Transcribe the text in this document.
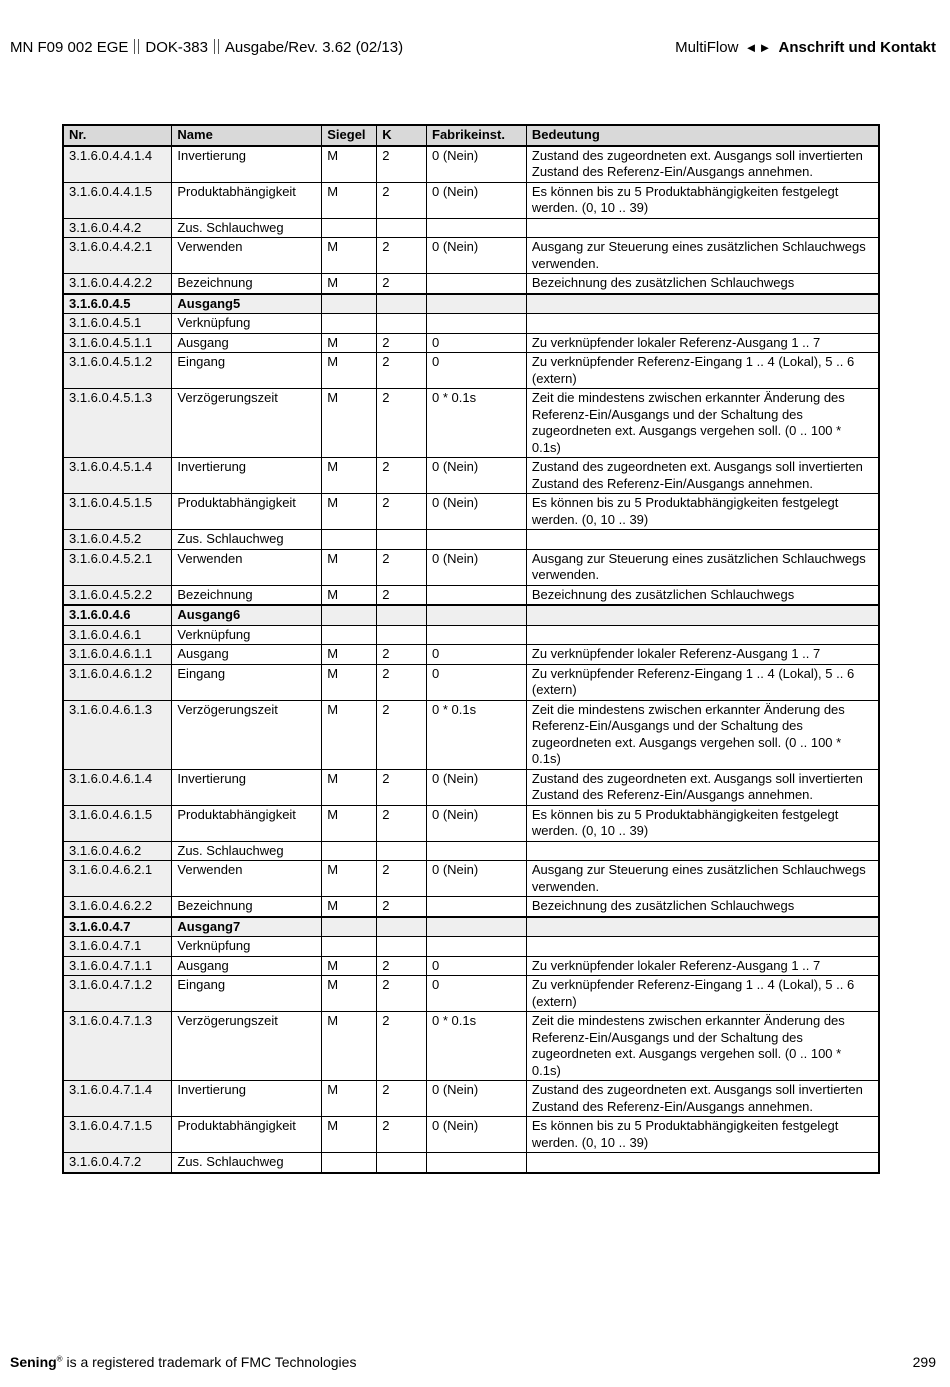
MN F09 002 EGE DOK-383 Ausgabe/Rev. 3.62 (02/13)	MultiFlow ◄► Anschrift und Kontakt
Nr.	Name	Siegel	K	Fabrikeinst.	Bedeutung
3.1.6.0.4.4.1.4	Invertierung	M	2	0 (Nein)	Zustand des zugeordneten ext. Ausgangs soll invertierten Zustand des Referenz-Ein/Ausgangs annehmen.
3.1.6.0.4.4.1.5	Produktabhängigkeit	M	2	0 (Nein)	Es können bis zu 5 Produktabhängigkeiten festgelegt werden. (0, 10 .. 39)
3.1.6.0.4.4.2	Zus. Schlauchweg				
3.1.6.0.4.4.2.1	Verwenden	M	2	0 (Nein)	Ausgang zur Steuerung eines zusätzlichen Schlauchwegs verwenden.
3.1.6.0.4.4.2.2	Bezeichnung	M	2		Bezeichnung des zusätzlichen Schlauchwegs
3.1.6.0.4.5	Ausgang5				
3.1.6.0.4.5.1	Verknüpfung				
3.1.6.0.4.5.1.1	Ausgang	M	2	0	Zu verknüpfender lokaler Referenz-Ausgang 1 .. 7
3.1.6.0.4.5.1.2	Eingang	M	2	0	Zu verknüpfender Referenz-Eingang 1 .. 4 (Lokal), 5 .. 6 (extern)
3.1.6.0.4.5.1.3	Verzögerungszeit	M	2	0 * 0.1s	Zeit die mindestens zwischen erkannter Änderung des Referenz-Ein/Ausgangs und der Schaltung des zugeordneten ext. Ausgangs vergehen soll. (0 .. 100 * 0.1s)
3.1.6.0.4.5.1.4	Invertierung	M	2	0 (Nein)	Zustand des zugeordneten ext. Ausgangs soll invertierten Zustand des Referenz-Ein/Ausgangs annehmen.
3.1.6.0.4.5.1.5	Produktabhängigkeit	M	2	0 (Nein)	Es können bis zu 5 Produktabhängigkeiten festgelegt werden. (0, 10 .. 39)
3.1.6.0.4.5.2	Zus. Schlauchweg				
3.1.6.0.4.5.2.1	Verwenden	M	2	0 (Nein)	Ausgang zur Steuerung eines zusätzlichen Schlauchwegs verwenden.
3.1.6.0.4.5.2.2	Bezeichnung	M	2		Bezeichnung des zusätzlichen Schlauchwegs
3.1.6.0.4.6	Ausgang6				
3.1.6.0.4.6.1	Verknüpfung				
3.1.6.0.4.6.1.1	Ausgang	M	2	0	Zu verknüpfender lokaler Referenz-Ausgang 1 .. 7
3.1.6.0.4.6.1.2	Eingang	M	2	0	Zu verknüpfender Referenz-Eingang 1 .. 4 (Lokal), 5 .. 6 (extern)
3.1.6.0.4.6.1.3	Verzögerungszeit	M	2	0 * 0.1s	Zeit die mindestens zwischen erkannter Änderung des Referenz-Ein/Ausgangs und der Schaltung des zugeordneten ext. Ausgangs vergehen soll. (0 .. 100 * 0.1s)
3.1.6.0.4.6.1.4	Invertierung	M	2	0 (Nein)	Zustand des zugeordneten ext. Ausgangs soll invertierten Zustand des Referenz-Ein/Ausgangs annehmen.
3.1.6.0.4.6.1.5	Produktabhängigkeit	M	2	0 (Nein)	Es können bis zu 5 Produktabhängigkeiten festgelegt werden. (0, 10 .. 39)
3.1.6.0.4.6.2	Zus. Schlauchweg				
3.1.6.0.4.6.2.1	Verwenden	M	2	0 (Nein)	Ausgang zur Steuerung eines zusätzlichen Schlauchwegs verwenden.
3.1.6.0.4.6.2.2	Bezeichnung	M	2		Bezeichnung des zusätzlichen Schlauchwegs
3.1.6.0.4.7	Ausgang7				
3.1.6.0.4.7.1	Verknüpfung				
3.1.6.0.4.7.1.1	Ausgang	M	2	0	Zu verknüpfender lokaler Referenz-Ausgang 1 .. 7
3.1.6.0.4.7.1.2	Eingang	M	2	0	Zu verknüpfender Referenz-Eingang 1 .. 4 (Lokal), 5 .. 6 (extern)
3.1.6.0.4.7.1.3	Verzögerungszeit	M	2	0 * 0.1s	Zeit die mindestens zwischen erkannter Änderung des Referenz-Ein/Ausgangs und der Schaltung des zugeordneten ext. Ausgangs vergehen soll. (0 .. 100 * 0.1s)
3.1.6.0.4.7.1.4	Invertierung	M	2	0 (Nein)	Zustand des zugeordneten ext. Ausgangs soll invertierten Zustand des Referenz-Ein/Ausgangs annehmen.
3.1.6.0.4.7.1.5	Produktabhängigkeit	M	2	0 (Nein)	Es können bis zu 5 Produktabhängigkeiten festgelegt werden. (0, 10 .. 39)
3.1.6.0.4.7.2	Zus. Schlauchweg				
Sening® is a registered trademark of FMC Technologies	299
